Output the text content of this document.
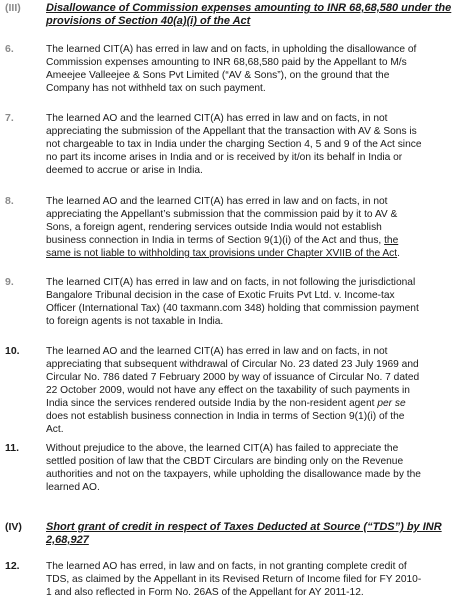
(III) Disallowance of Commission expenses amounting to INR 68,68,580 under the
provisions of Section 40(a)(i) of the Act
6.	The learned CIT(A) has erred in law and on facts, in upholding the disallowance of
Commission expenses amounting to INR 68,68,580 paid by the Appellant to M/s
Ameejee Valleejee & Sons Pvt Limited (“AV & Sons”), on the ground that the
Company has not withheld tax on such payment.
7.	The learned AO and the learned CIT(A) has erred in law and on facts, in not
appreciating the submission of the Appellant that the transaction with AV & Sons is
not chargeable to tax in India under the charging Section 4, 5 and 9 of the Act since
no part its income arises in India and or is received by it/on its behalf in India or
deemed to accrue or arise in India.
8.	The learned AO and the learned CIT(A) has erred in law and on facts, in not
appreciating the Appellant’s submission that the commission paid by it to AV &
Sons, a foreign agent, rendering services outside India would not establish
business connection in India in terms of Section 9(1)(i) of the Act and thus, the
same is not liable to withholding tax provisions under Chapter XVIIB of the Act.
9.	The learned CIT(A) has erred in law and on facts, in not following the jurisdictional
Bangalore Tribunal decision in the case of Exotic Fruits Pvt Ltd. v. Income-tax
Officer (International Tax) (40 taxmann.com 348) holding that commission payment
to foreign agents is not taxable in India.
10.	The learned AO and the learned CIT(A) has erred in law and on facts, in not
appreciating that subsequent withdrawal of Circular No. 23 dated 23 July 1969 and
Circular No. 786 dated 7 February 2000 by way of issuance of Circular No. 7 dated
22 October 2009, would not have any effect on the taxability of such payments in
India since the services rendered outside India by the non-resident agent per se
does not establish business connection in India in terms of Section 9(1)(i) of the
Act.
11.	Without prejudice to the above, the learned CIT(A) has failed to appreciate the
settled position of law that the CBDT Circulars are binding only on the Revenue
authorities and not on the taxpayers, while upholding the disallowance made by the
learned AO.
(IV) Short grant of credit in respect of Taxes Deducted at Source (“TDS”) by INR
2,68,927
12.	The learned AO has erred, in law and on facts, in not granting complete credit of
TDS, as claimed by the Appellant in its Revised Return of Income filed for FY 2010-
1 and also reflected in Form No. 26AS of the Appellant for AY 2011-12.
